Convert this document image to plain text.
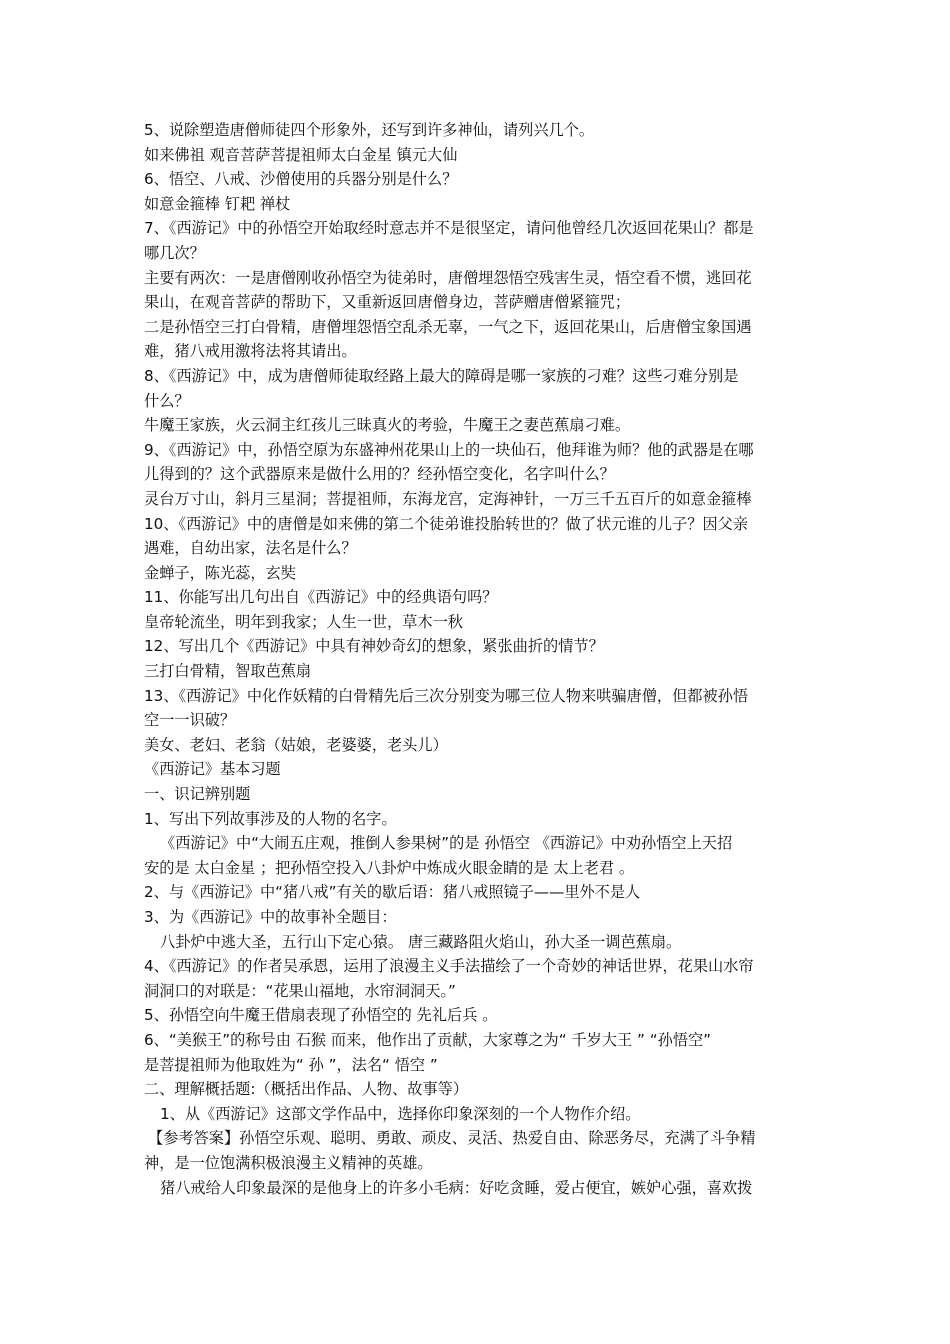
5、说除塑造唐僧师徒四个形象外，还写到许多神仙，请列兴几个。
如来佛祖 观音菩萨菩提祖师太白金星 镇元大仙
6、悟空、八戒、沙僧使用的兵器分别是什么？
如意金箍棒 钉耙 禅杖
7、《西游记》中的孙悟空开始取经时意志并不是很坚定，请问他曾经几次返回花果山？都是
哪几次？
主要有两次：一是唐僧刚收孙悟空为徒弟时，唐僧埋怨悟空残害生灵，悟空看不惯，逃回花
果山，在观音菩萨的帮助下，又重新返回唐僧身边，菩萨赠唐僧紧箍咒；
二是孙悟空三打白骨精，唐僧埋怨悟空乱杀无辜，一气之下，返回花果山，后唐僧宝象国遇
难，猪八戒用激将法将其请出。
8、《西游记》中，成为唐僧师徒取经路上最大的障碍是哪一家族的刁难？这些刁难分别是
什么？
牛魔王家族，火云洞主红孩儿三昧真火的考验，牛魔王之妻芭蕉扇刁难。
9、《西游记》中，孙悟空原为东盛神州花果山上的一块仙石，他拜谁为师？他的武器是在哪
儿得到的？这个武器原来是做什么用的？经孙悟空变化，名字叫什么？
灵台万寸山，斜月三星洞；菩提祖师，东海龙宫，定海神针，一万三千五百斤的如意金箍棒
10、《西游记》中的唐僧是如来佛的第二个徒弟谁投胎转世的？做了状元谁的儿子？因父亲
遇难，自幼出家，法名是什么？
金蝉子，陈光蕊，玄奘
11、你能写出几句出自《西游记》中的经典语句吗？
皇帝轮流坐，明年到我家；人生一世，草木一秋
12、写出几个《西游记》中具有神妙奇幻的想象，紧张曲折的情节？
三打白骨精，智取芭蕉扇
13、《西游记》中化作妖精的白骨精先后三次分别变为哪三位人物来哄骗唐僧，但都被孙悟
空一一识破？
美女、老妇、老翁（姑娘，老婆婆，老头儿）
《西游记》基本习题
一、识记辨别题
1、写出下列故事涉及的人物的名字。
《西游记》中“大闹五庄观，推倒人参果树”的是 孙悟空 《西游记》中劝孙悟空上天招
安的是 太白金星 ；把孙悟空投入八卦炉中炼成火眼金睛的是 太上老君 。
2、与《西游记》中“猪八戒”有关的歇后语：猪八戒照镜子——里外不是人
3、为《西游记》中的故事补全题目：
八卦炉中逃大圣，五行山下定心猿。 唐三藏路阻火焰山，孙大圣一调芭蕉扇。
4、《西游记》的作者吴承恩，运用了浪漫主义手法描绘了一个奇妙的神话世界，花果山水帘
洞洞口的对联是：“花果山福地，水帘洞洞天。”
5、孙悟空向牛魔王借扇表现了孙悟空的 先礼后兵 。
6、“美猴王”的称号由 石猴 而来，他作出了贡献，大家尊之为“ 千岁大王 ” “孙悟空”
是菩提祖师为他取姓为“ 孙 ”，法名“ 悟空 ”
二、理解概括题:（概括出作品、人物、故事等）
1、从《西游记》这部文学作品中，选择你印象深刻的一个人物作介绍。
【参考答案】孙悟空乐观、聪明、勇敢、顽皮、灵活、热爱自由、除恶务尽，充满了斗争精
神，是一位饱满积极浪漫主义精神的英雄。
猪八戒给人印象最深的是他身上的许多小毛病：好吃贪睡，爱占便宜，嫉妒心强，喜欢拨
